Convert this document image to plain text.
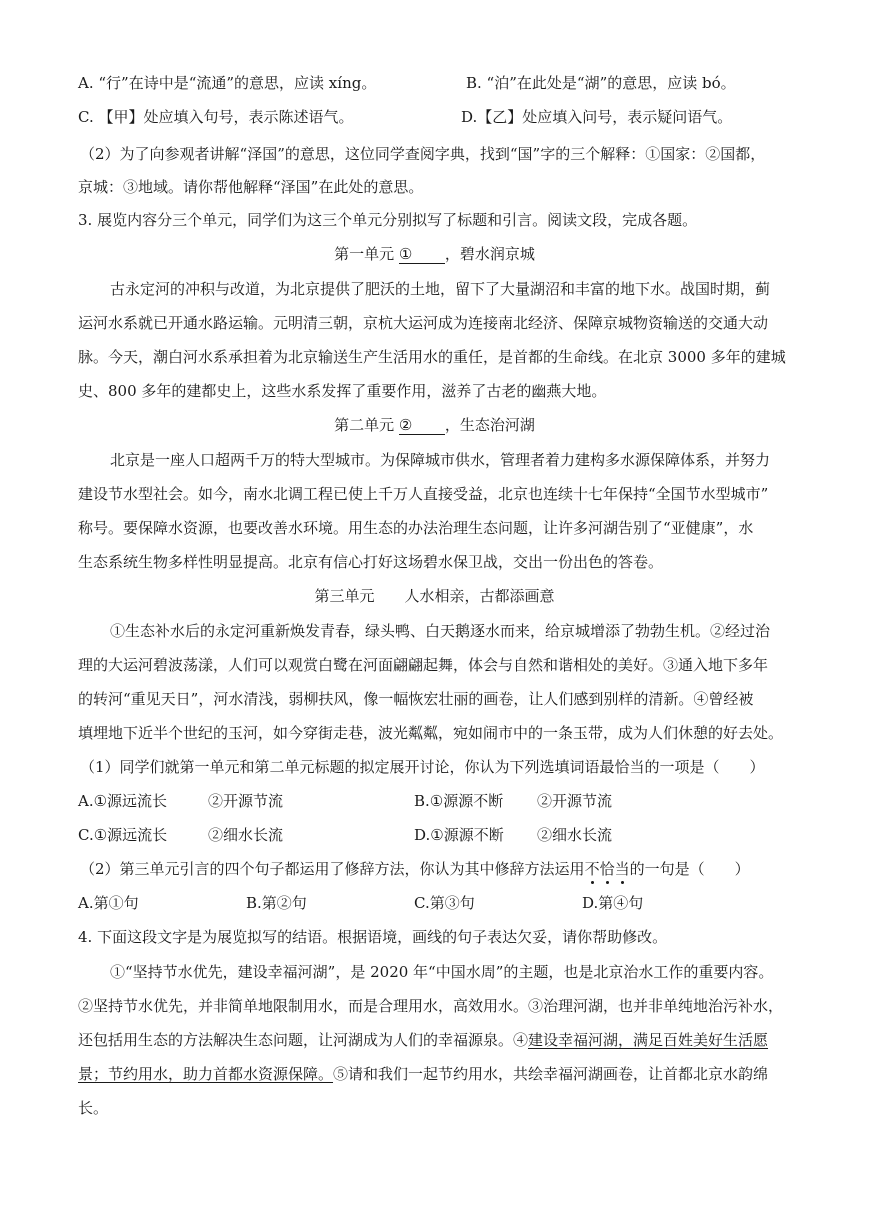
A. “行”在诗中是“流通”的意思，应读 xíng。	B. “泊”在此处是“湖”的意思，应读 bó。
C. 【甲】处应填入句号，表示陈述语气。	D.【乙】处应填入问号，表示疑问语气。
（2）为了向参观者讲解“泽国”的意思，这位同学查阅字典，找到“国”字的三个解释：①国家：②国都，
京城：③地域。请你帮他解释“泽国”在此处的意思。
3. 展览内容分三个单元，同学们为这三个单元分别拟写了标题和引言。阅读文段，完成各题。
第一单元 ① ，碧水润京城
古永定河的冲积与改道，为北京提供了肥沃的土地，留下了大量湖沼和丰富的地下水。战国时期，蓟
运河水系就已开通水路运输。元明清三朝，京杭大运河成为连接南北经济、保障京城物资输送的交通大动
脉。今天，潮白河水系承担着为北京输送生产生活用水的重任，是首都的生命线。在北京 3000 多年的建城
史、800 多年的建都史上，这些水系发挥了重要作用，滋养了古老的幽燕大地。
第二单元 ② ，生态治河湖
北京是一座人口超两千万的特大型城市。为保障城市供水，管理者着力建构多水源保障体系，并努力
建设节水型社会。如今，南水北调工程已使上千万人直接受益，北京也连续十七年保持“全国节水型城市”
称号。要保障水资源，也要改善水环境。用生态的办法治理生态问题，让许多河湖告别了“亚健康”，水
生态系统生物多样性明显提高。北京有信心打好这场碧水保卫战，交出一份出色的答卷。
第三单元 人水相亲，古都添画意
①生态补水后的永定河重新焕发青春，绿头鸭、白天鹅逐水而来，给京城增添了勃勃生机。②经过治
理的大运河碧波荡漾，人们可以观赏白鹭在河面翩翩起舞，体会与自然和谐相处的美好。③通入地下多年
的转河“重见天日”，河水清浅，弱柳扶风，像一幅恢宏壮丽的画卷，让人们感到别样的清新。④曾经被
填埋地下近半个世纪的玉河，如今穿街走巷，波光粼粼，宛如闹市中的一条玉带，成为人们休憩的好去处。
（1）同学们就第一单元和第二单元标题的拟定展开讨论，你认为下列选填词语最恰当的一项是（　　）
A.①源远流长	②开源节流	B.①源源不断 ②开源节流
C.①源远流长	②细水长流	D.①源源不断 ②细水长流
（2）第三单元引言的四个句子都运用了修辞方法，你认为其中修辞方法运用不恰当的一句是（　　）
A.第①句	B.第②句	C.第③句	D.第④句
4. 下面这段文字是为展览拟写的结语。根据语境，画线的句子表达欠妥，请你帮助修改。
①“坚持节水优先，建设幸福河湖”，是 2020 年“中国水周”的主题，也是北京治水工作的重要内容。
②坚持节水优先，并非简单地限制用水，而是合理用水，高效用水。③治理河湖，也并非单纯地治污补水，
还包括用生态的方法解决生态问题，让河湖成为人们的幸福源泉。④建设幸福河湖，满足百姓美好生活愿
景；节约用水，助力首都水资源保障。⑤请和我们一起节约用水，共绘幸福河湖画卷，让首都北京水韵绵
长。
